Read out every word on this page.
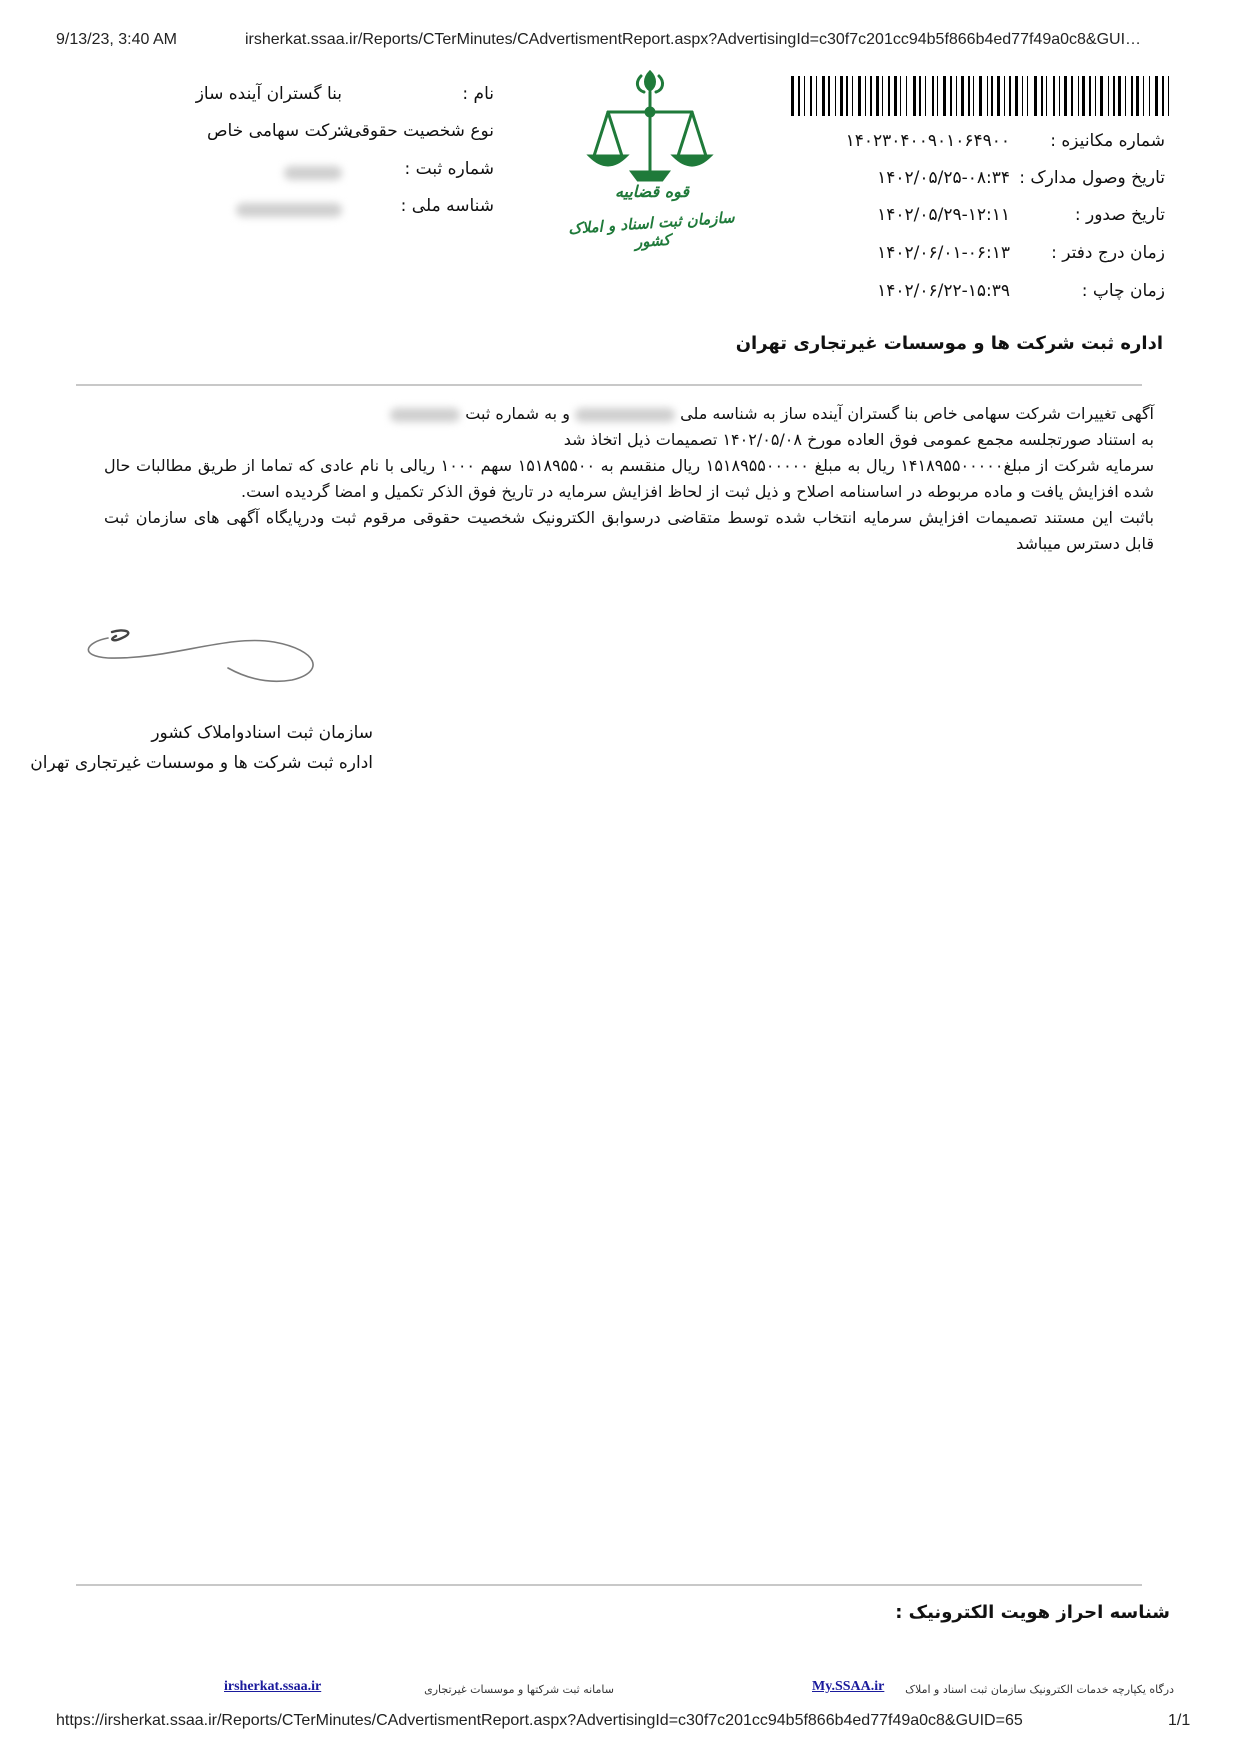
9/13/23, 3:40 AM	irsherkat.ssaa.ir/Reports/CTerMinutes/CAdvertismentReport.aspx?AdvertisingId=c30f7c201cc94b5f866b4ed77f49a0c8&GUI…
نام :
بنا گستران آینده ساز
نوع شخصیت حقوقی :
شرکت سهامی خاص
شماره ثبت :
شناسه ملی :
قوه قضاییه
سازمان ثبت اسناد و املاک کشور
شماره مکانیزه :
۱۴۰۲۳۰۴۰۰۹۰۱۰۶۴۹۰۰
تاریخ وصول مدارک :
۱۴۰۲/۰۵/۲۵-۰۸:۳۴
تاریخ صدور :
۱۴۰۲/۰۵/۲۹-۱۲:۱۱
زمان درج دفتر :
۱۴۰۲/۰۶/۰۱-۰۶:۱۳
زمان چاپ :
۱۴۰۲/۰۶/۲۲-۱۵:۳۹
اداره ثبت شرکت ها و موسسات غیرتجاری تهران

آگهی تغییرات شرکت سهامی خاص بنا گستران آینده ساز به شناسه ملی  و به شماره ثبت

به استناد صورتجلسه مجمع عمومی فوق العاده مورخ ۱۴۰۲/۰۵/۰۸ تصمیمات ذیل اتخاذ شد

سرمایه شرکت از مبلغ۱۴۱۸۹۵۵۰۰۰۰۰ ریال به مبلغ ۱۵۱۸۹۵۵۰۰۰۰۰ ریال منقسم به ۱۵۱۸۹۵۵۰۰ سهم ۱۰۰۰ ریالی با نام عادی که تماما از طریق مطالبات حال شده افزایش یافت و ماده مربوطه در اساسنامه اصلاح و ذیل ثبت از لحاظ افزایش سرمایه در تاریخ فوق الذکر تکمیل و امضا گردیده است.

باثبت این مستند تصمیمات افزایش سرمایه انتخاب شده توسط متقاضی درسوابق الکترونیک شخصیت حقوقی مرقوم ثبت ودرپایگاه آگهی های سازمان ثبت قابل دسترس میباشد

سازمان ثبت اسنادواملاک کشور
اداره ثبت شرکت ها و موسسات غیرتجاری تهران
شناسه احراز هویت الکترونیک :
درگاه یکپارچه خدمات الکترونیک سازمان ثبت اسناد و املاک
My.SSAA.ir
سامانه ثبت شرکتها و موسسات غیرتجاری
irsherkat.ssaa.ir
https://irsherkat.ssaa.ir/Reports/CTerMinutes/CAdvertismentReport.aspx?AdvertisingId=c30f7c201cc94b5f866b4ed77f49a0c8&GUID=65	1/1
